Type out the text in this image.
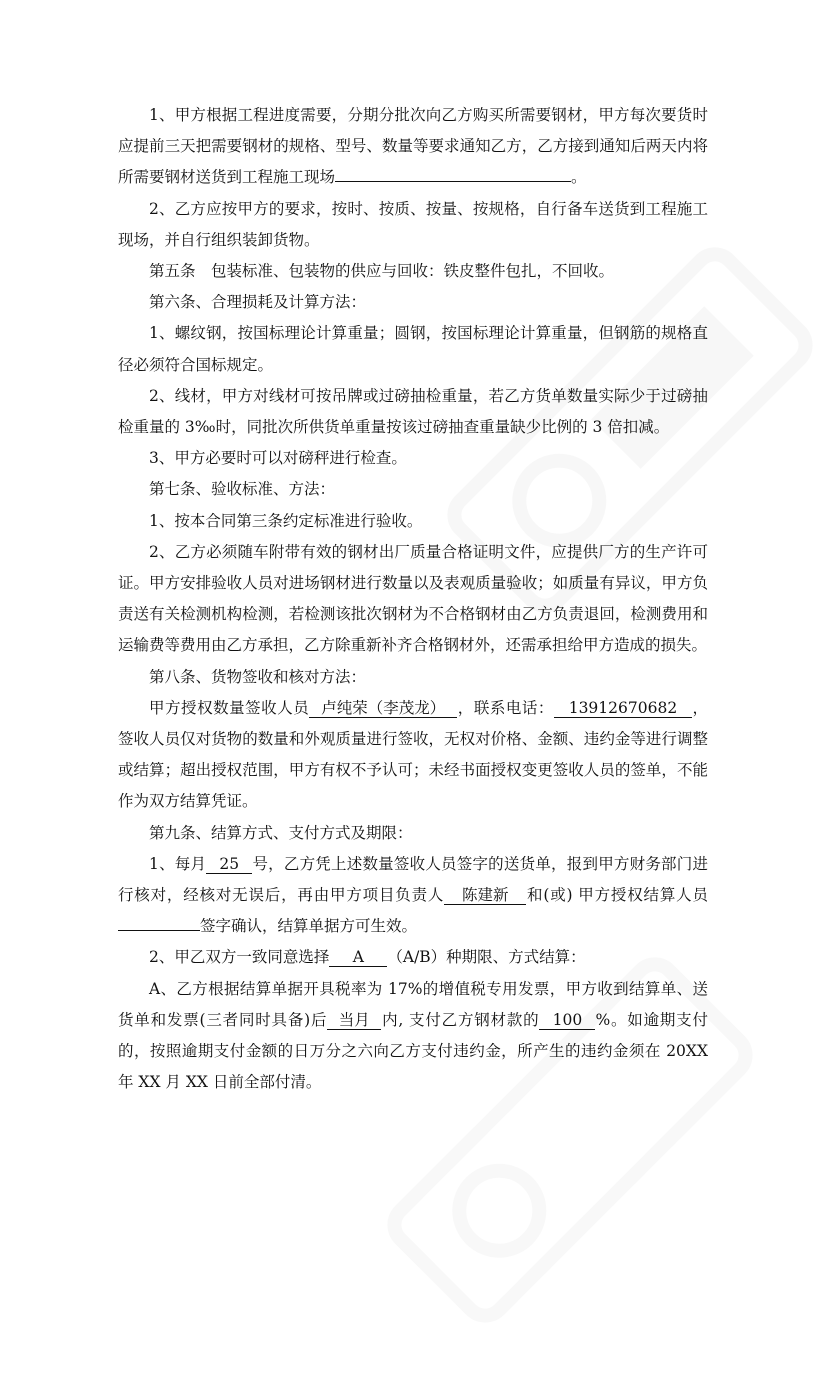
1、甲方根据工程进度需要，分期分批次向乙方购买所需要钢材，甲方每次要货时应提前三天把需要钢材的规格、型号、数量等要求通知乙方，乙方接到通知后两天内将所需要钢材送货到工程施工现场	。

2、乙方应按甲方的要求，按时、按质、按量、按规格，自行备车送货到工程施工现场，并自行组织装卸货物。

第五条　包装标准、包装物的供应与回收：铁皮整件包扎，不回收。

第六条、合理损耗及计算方法：

1、螺纹钢，按国标理论计算重量；圆钢，按国标理论计算重量，但钢筋的规格直径必须符合国标规定。

2、线材，甲方对线材可按吊牌或过磅抽检重量，若乙方货单数量实际少于过磅抽检重量的 3‰时，同批次所供货单重量按该过磅抽查重量缺少比例的 3 倍扣减。

3、甲方必要时可以对磅秤进行检查。

第七条、验收标准、方法：

1、按本合同第三条约定标准进行验收。

2、乙方必须随车附带有效的钢材出厂质量合格证明文件，应提供厂方的生产许可证。甲方安排验收人员对进场钢材进行数量以及表观质量验收；如质量有异议，甲方负责送有关检测机构检测，若检测该批次钢材为不合格钢材由乙方负责退回，检测费用和运输费等费用由乙方承担，乙方除重新补齐合格钢材外，还需承担给甲方造成的损失。

第八条、货物签收和核对方法：

甲方授权数量签收人员 卢纯荣（李茂龙） ，联系电话： 13912670682 ，签收人员仅对货物的数量和外观质量进行签收，无权对价格、金额、违约金等进行调整或结算；超出授权范围，甲方有权不予认可；未经书面授权变更签收人员的签单，不能作为双方结算凭证。

第九条、结算方式、支付方式及期限：

1、每月 25 号，乙方凭上述数量签收人员签字的送货单，报到甲方财务部门进行核对，经核对无误后，再由甲方项目负责人 陈建新 和(或) 甲方授权结算人员签字确认，结算单据方可生效。

2、甲乙双方一致同意选择 A （A/B）种期限、方式结算：

A、乙方根据结算单据开具税率为 17%的增值税专用发票，甲方收到结算单、送货单和发票(三者同时具备)后 当月 内, 支付乙方钢材款的 100 %。如逾期支付的，按照逾期支付金额的日万分之六向乙方支付违约金，所产生的违约金须在 20XX 年 XX 月 XX 日前全部付清。
